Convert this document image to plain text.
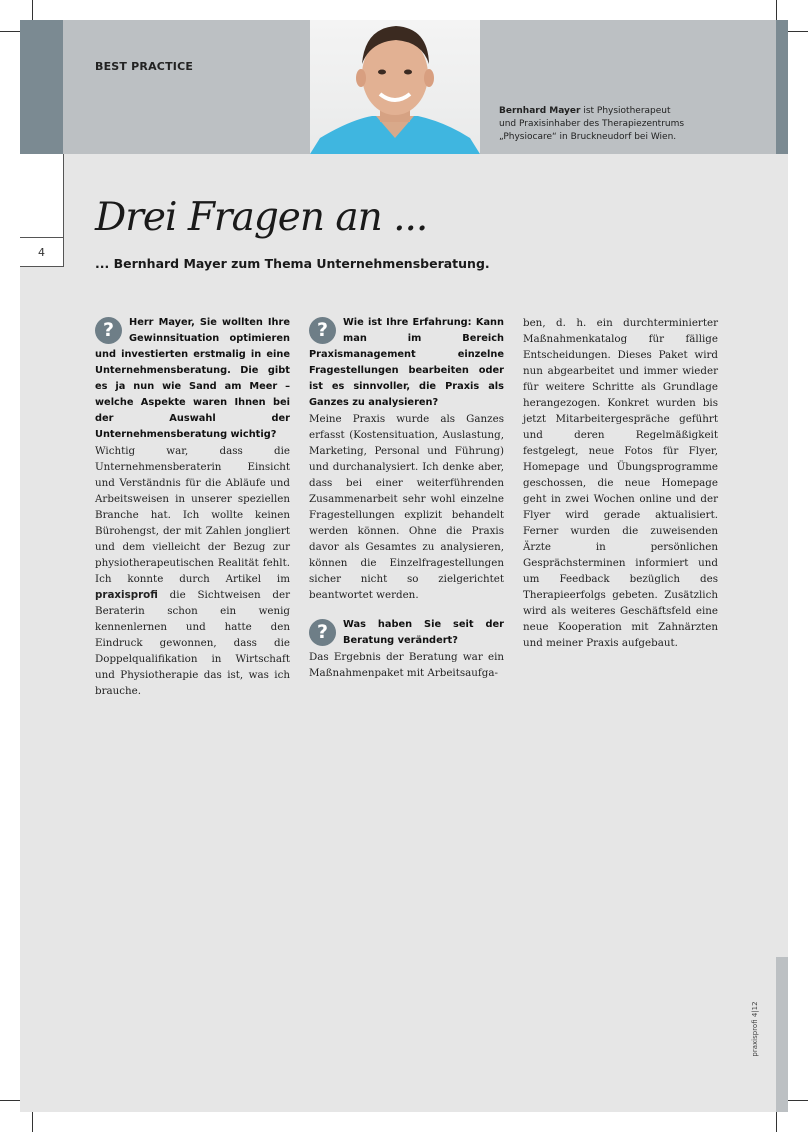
BEST PRACTICE
Bernhard Mayer ist Physiotherapeut
und Praxisinhaber des Therapiezentrums
„Physiocare“ in Bruckneudorf bei Wien.
4
Drei Fragen an ...
... Bernhard Mayer zum Thema Unternehmensberatung.

?	Herr Mayer, Sie wollten Ihre Gewinnsituation optimieren und investierten erstmalig in eine Unternehmensberatung. Die gibt es ja nun wie Sand am Meer – welche Aspekte waren Ihnen bei der Auswahl der Unternehmensberatung wichtig?

Wichtig war, dass die Unternehmensberaterin Einsicht und Verständnis für die Abläufe und Arbeitsweisen in unserer speziellen Branche hat. Ich wollte keinen Bürohengst, der mit Zahlen jongliert und dem vielleicht der Bezug zur physiotherapeutischen Realität fehlt. Ich konnte durch Artikel im praxisprofi die Sichtweisen der Beraterin schon ein wenig kennenlernen und hatte den Eindruck gewonnen, dass die Doppelqualifikation in Wirtschaft und Physiotherapie das ist, was ich brauche.

?	Wie ist Ihre Erfahrung: Kann man im Bereich Praxismanagement einzelne Fragestellungen bearbeiten oder ist es sinnvoller, die Praxis als Ganzes zu analysieren?

Meine Praxis wurde als Ganzes erfasst (Kostensituation, Auslastung, Marketing, Personal und Führung) und durchanalysiert. Ich denke aber, dass bei einer weiterführenden Zusammenarbeit sehr wohl einzelne Fragestellungen explizit behandelt werden können. Ohne die Praxis davor als Gesamtes zu analysieren, können die Einzelfragestellungen sicher nicht so zielgerichtet beantwortet werden.

?	Was haben Sie seit der Beratung verändert?

Das Ergebnis der Beratung war ein Maßnahmenpaket mit Arbeitsaufga-

ben, d. h. ein durchterminierter Maßnahmenkatalog für fällige Entscheidungen. Dieses Paket wird nun abgearbeitet und immer wieder für weitere Schritte als Grundlage herangezogen. Konkret wurden bis jetzt Mitarbeitergespräche geführt und deren Regelmäßigkeit festgelegt, neue Fotos für Flyer, Homepage und Übungsprogramme geschossen, die neue Homepage geht in zwei Wochen online und der Flyer wird gerade aktualisiert. Ferner wurden die zuweisenden Ärzte in persönlichen Gesprächsterminen informiert und um Feedback bezüglich des Therapieerfolgs gebeten. Zusätzlich wird als weiteres Geschäftsfeld eine neue Kooperation mit Zahnärzten und meiner Praxis aufgebaut.

praxisprofi 4|12
